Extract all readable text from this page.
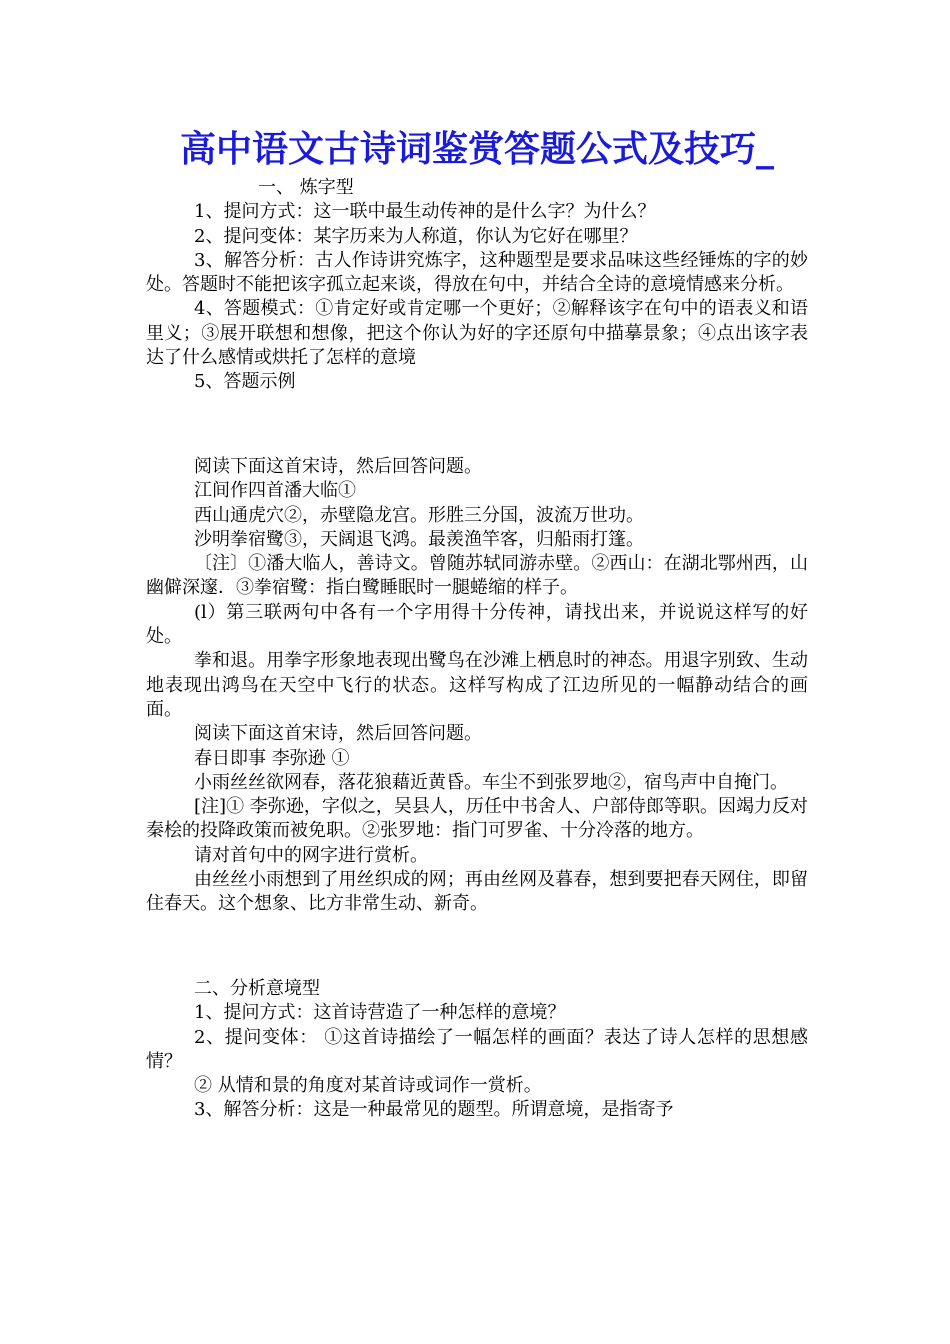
高中语文古诗词鉴赏答题公式及技巧_

一、 炼字型

1、提问方式：这一联中最生动传神的是什么字？为什么？

2、提问变体：某字历来为人称道，你认为它好在哪里？

3、解答分析：古人作诗讲究炼字，这种题型是要求品味这些经锤炼的字的妙处。答题时不能把该字孤立起来谈，得放在句中，并结合全诗的意境情感来分析。

4、答题模式：①肯定好或肯定哪一个更好；②解释该字在句中的语表义和语里义；③展开联想和想像，把这个你认为好的字还原句中描摹景象；④点出该字表达了什么感情或烘托了怎样的意境

5、答题示例

阅读下面这首宋诗，然后回答问题。

江间作四首潘大临①

西山通虎穴②，赤壁隐龙宫。形胜三分国，波流万世功。

沙明拳宿鹭③，天阔退飞鸿。最羡渔竿客，归船雨打篷。

〔注〕①潘大临人，善诗文。曾随苏轼同游赤壁。②西山：在湖北鄂州西，山幽僻深邃．③拳宿鹭：指白鹭睡眠时一腿蜷缩的样子。

(l）第三联两句中各有一个字用得十分传神，请找出来，并说说这样写的好处。

拳和退。用拳字形象地表现出鹭鸟在沙滩上栖息时的神态。用退字别致、生动地表现出鸿鸟在天空中飞行的状态。这样写构成了江边所见的一幅静动结合的画面。

阅读下面这首宋诗，然后回答问题。

春日即事 李弥逊 ①

小雨丝丝欲网春，落花狼藉近黄昏。车尘不到张罗地②，宿鸟声中自掩门。

[注]① 李弥逊，字似之，吴县人，历任中书舍人、户部侍郎等职。因竭力反对秦桧的投降政策而被免职。②张罗地：指门可罗雀、十分冷落的地方。

请对首句中的网字进行赏析。

由丝丝小雨想到了用丝织成的网；再由丝网及暮春，想到要把春天网住，即留住春天。这个想象、比方非常生动、新奇。

二、分析意境型

1、提问方式：这首诗营造了一种怎样的意境？

2、提问变体： ①这首诗描绘了一幅怎样的画面？表达了诗人怎样的思想感情？

② 从情和景的角度对某首诗或词作一赏析。

3、解答分析：这是一种最常见的题型。所谓意境，是指寄予
